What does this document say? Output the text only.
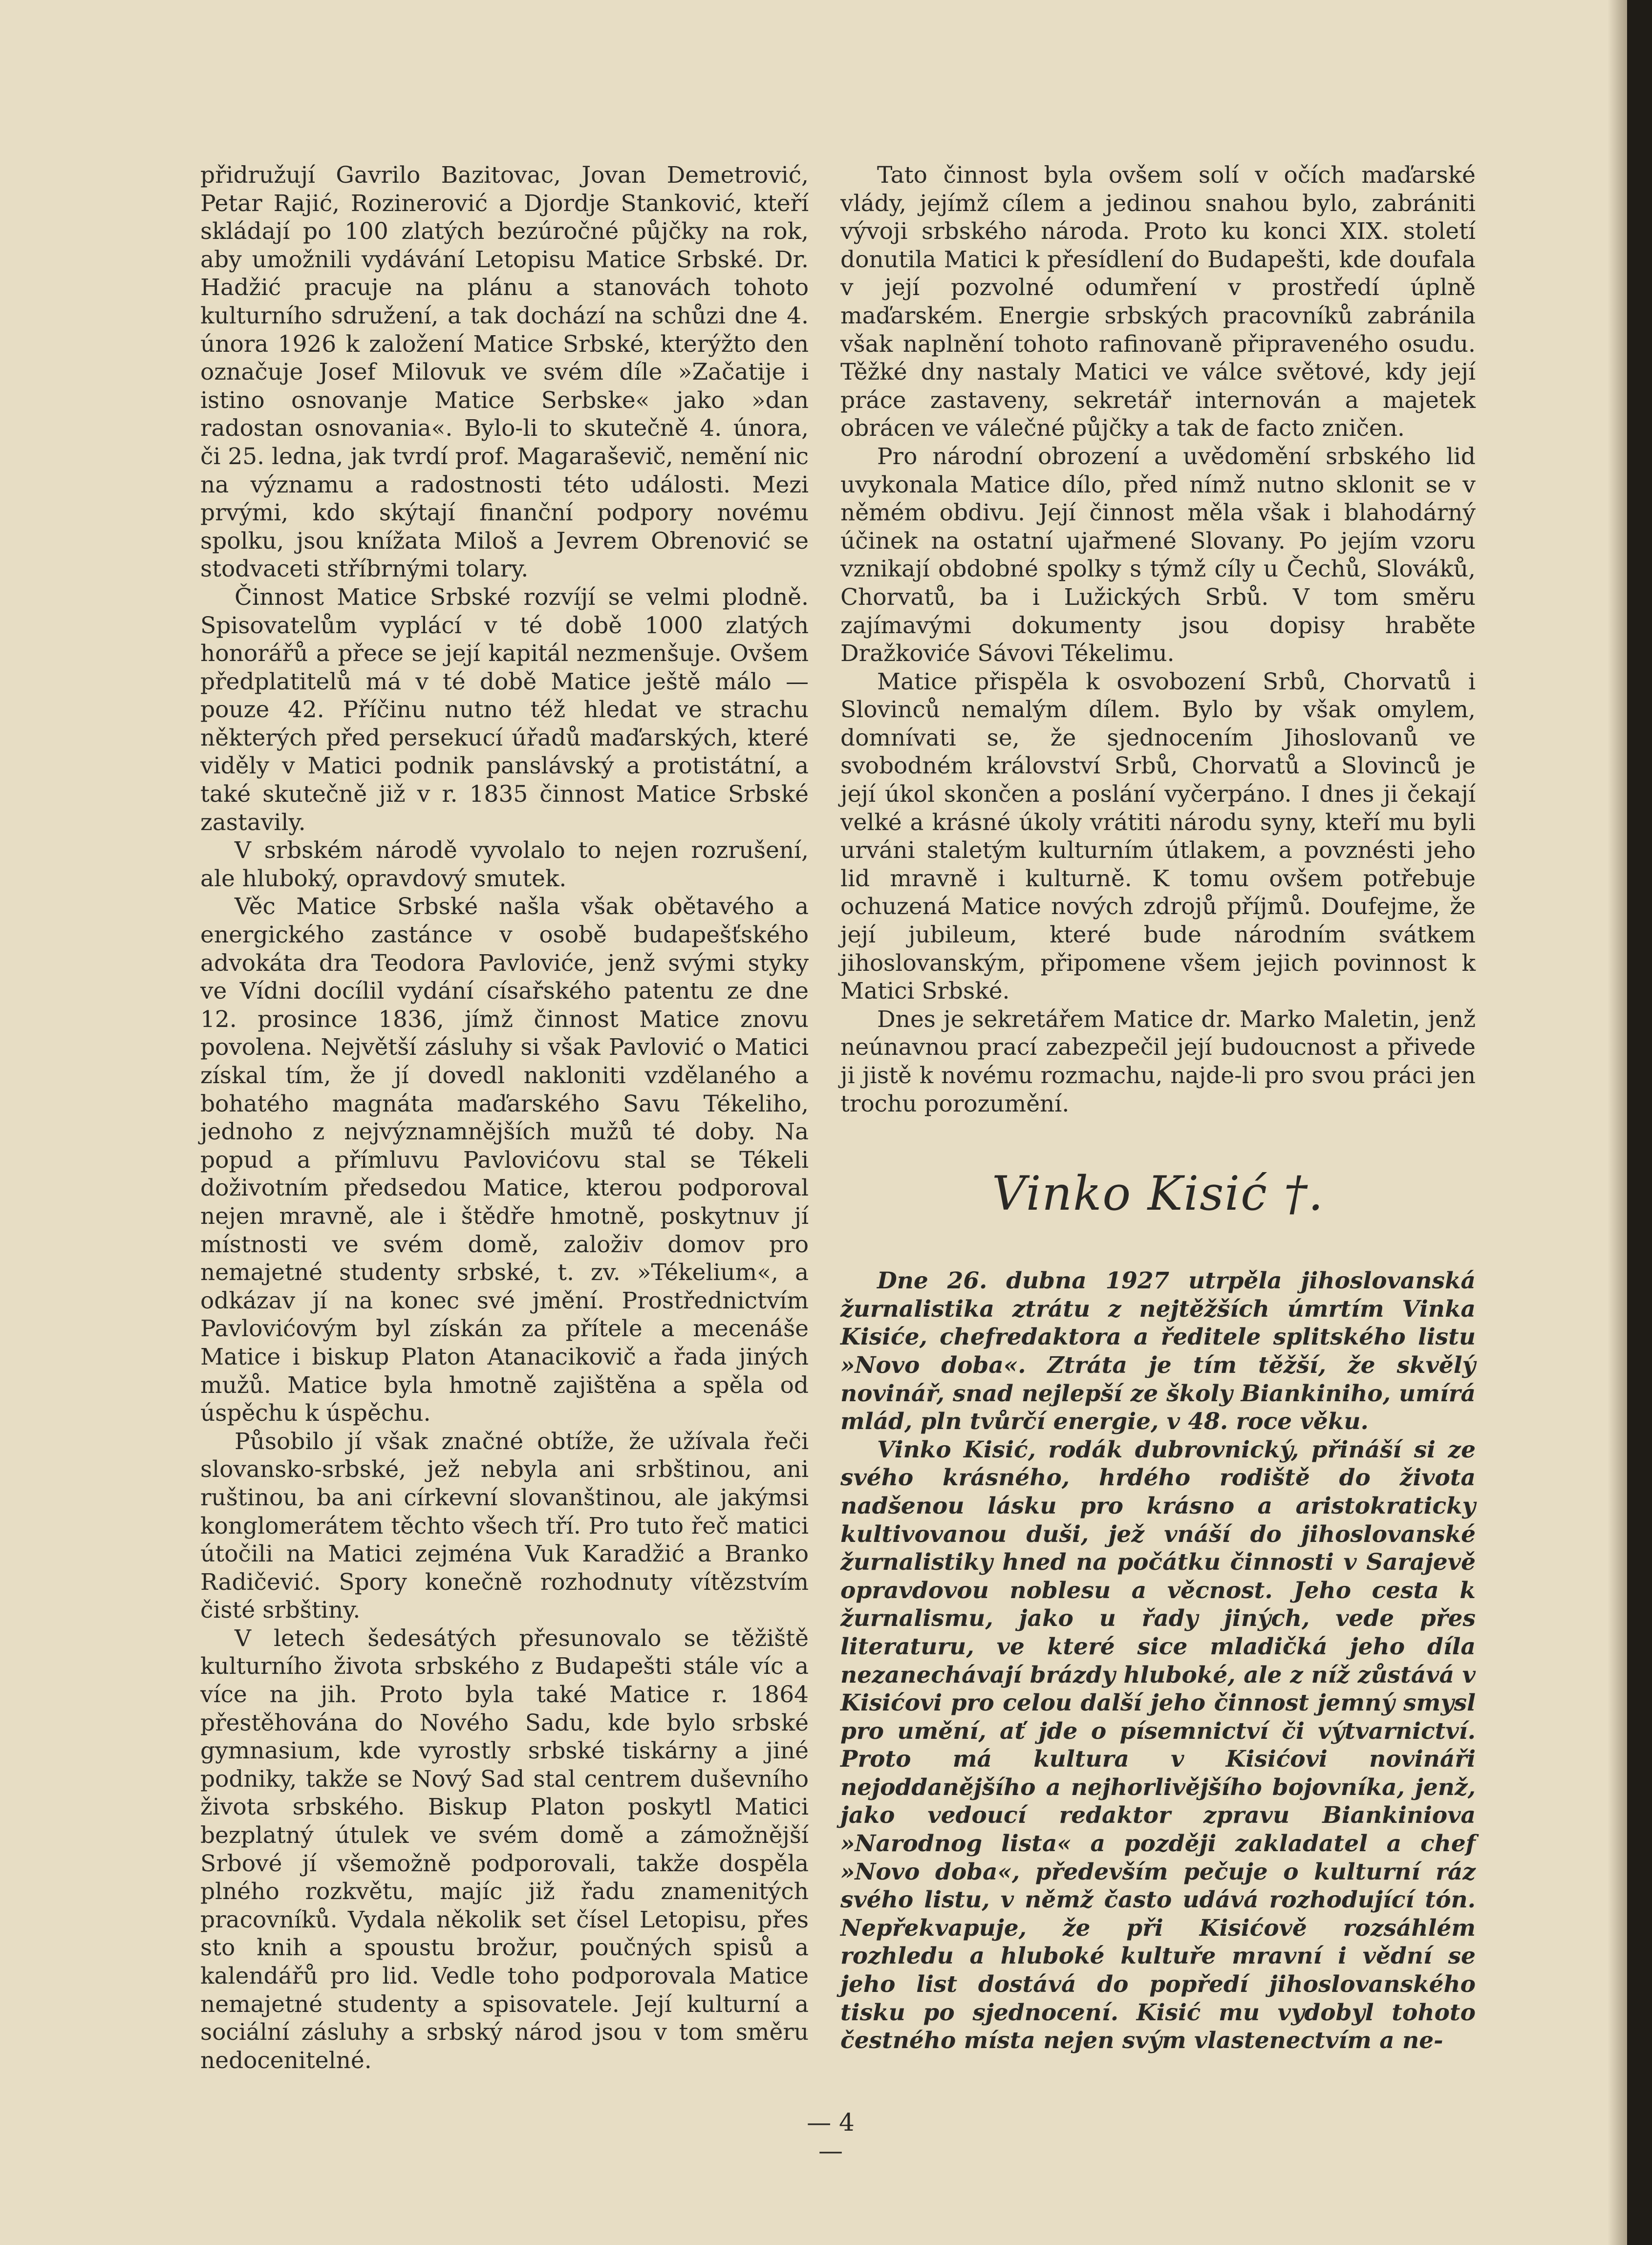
přidružují Gavrilo Bazitovac, Jovan Demetrović, Petar Rajić, Rozinerović a Djordje Stanković, kteří skládají po 100 zlatých bezúročné půjčky na rok, aby umožnili vydávání Letopisu Matice Srbské. Dr. Hadžić pracuje na plánu a stanovách tohoto kulturního sdružení, a tak dochází na schůzi dne 4. února 1926 k založení Matice Srbské, kterýžto den označuje Josef Milovuk ve svém díle »Začatije i istino osnovanje Matice Serbske« jako »dan radostan osnovania«. Bylo-li to skutečně 4. února, či 25. ledna, jak tvrdí prof. Magaraševič, nemění nic na významu a radostnosti této události. Mezi prvými, kdo skýtají finanční podpory novému spolku, jsou knížata Miloš a Jevrem Obrenović se stodvaceti stříbrnými tolary.

Činnost Matice Srbské rozvíjí se velmi plodně. Spisovatelům vyplácí v té době 1000 zlatých honorářů a přece se její kapitál nezmenšuje. Ovšem předplatitelů má v té době Matice ještě málo — pouze 42. Příčinu nutno též hledat ve strachu některých před persekucí úřadů maďarských, které viděly v Matici podnik panslávský a protistátní, a také skutečně již v r. 1835 činnost Matice Srbské zastavily.

V srbském národě vyvolalo to nejen rozrušení, ale hluboký, opravdový smutek.

Věc Matice Srbské našla však obětavého a energického zastánce v osobě budapešťského advokáta dra Teodora Pavloviće, jenž svými styky ve Vídni docílil vydání císařského patentu ze dne 12. prosince 1836, jímž činnost Matice znovu povolena. Největší zásluhy si však Pavlović o Matici získal tím, že jí dovedl nakloniti vzdělaného a bohatého magnáta maďarského Savu Tékeliho, jednoho z nejvýznamnějších mužů té doby. Na popud a přímluvu Pavlovićovu stal se Tékeli doživotním předsedou Matice, kterou podporoval nejen mravně, ale i štědře hmotně, poskytnuv jí místnosti ve svém domě, založiv domov pro nemajetné studenty srbské, t. zv. »Tékelium«, a odkázav jí na konec své jmění. Prostřednictvím Pavlovićovým byl získán za přítele a mecenáše Matice i biskup Platon Atanacikovič a řada jiných mužů. Matice byla hmotně zajištěna a spěla od úspěchu k úspěchu.

Působilo jí však značné obtíže, že užívala řeči slovansko-srbské, jež nebyla ani srbštinou, ani ruštinou, ba ani církevní slovanštinou, ale jakýmsi konglomerátem těchto všech tří. Pro tuto řeč matici útočili na Matici zejména Vuk Karadžić a Branko Radičević. Spory konečně rozhodnuty vítězstvím čisté srbštiny.

V letech šedesátých přesunovalo se těžiště kulturního života srbského z Budapešti stále víc a více na jih. Proto byla také Matice r. 1864 přestěhována do Nového Sadu, kde bylo srbské gymnasium, kde vyrostly srbské tiskárny a jiné podniky, takže se Nový Sad stal centrem duševního života srbského. Biskup Platon poskytl Matici bezplatný útulek ve svém domě a zámožnější Srbové jí všemožně podporovali, takže dospěla plného rozkvětu, majíc již řadu znamenitých pracovníků. Vydala několik set čísel Letopisu, přes sto knih a spoustu brožur, poučných spisů a kalendářů pro lid. Vedle toho podporovala Matice nemajetné studenty a spisovatele. Její kulturní a sociální zásluhy a srbský národ jsou v tom směru nedocenitelné.

Tato činnost byla ovšem solí v očích maďarské vlády, jejímž cílem a jedinou snahou bylo, zabrániti vývoji srbského národa. Proto ku konci XIX. století donutila Matici k přesídlení do Budapešti, kde doufala v její pozvolné odumření v prostředí úplně maďarském. Energie srbských pracovníků zabránila však naplnění tohoto rafinovaně připraveného osudu. Těžké dny nastaly Matici ve válce světové, kdy její práce zastaveny, sekretář internován a majetek obrácen ve válečné půjčky a tak de facto zničen.

Pro národní obrození a uvědomění srbského lid uvykonala Matice dílo, před nímž nutno sklonit se v němém obdivu. Její činnost měla však i blahodárný účinek na ostatní ujařmené Slovany. Po jejím vzoru vznikají obdobné spolky s týmž cíly u Čechů, Slováků, Chorvatů, ba i Lužických Srbů. V tom směru zajímavými dokumenty jsou dopisy hraběte Dražkoviće Sávovi Tékelimu.

Matice přispěla k osvobození Srbů, Chorvatů i Slovinců nemalým dílem. Bylo by však omylem, domnívati se, že sjednocením Jihoslovanů ve svobodném království Srbů, Chorvatů a Slovinců je její úkol skončen a poslání vyčerpáno. I dnes ji čekají velké a krásné úkoly vrátiti národu syny, kteří mu byli urváni staletým kulturním útlakem, a povznésti jeho lid mravně i kulturně. K tomu ovšem potřebuje ochuzená Matice nových zdrojů příjmů. Doufejme, že její jubileum, které bude národním svátkem jihoslovanským, připomene všem jejich povinnost k Matici Srbské.

Dnes je sekretářem Matice dr. Marko Maletin, jenž neúnavnou prací zabezpečil její budoucnost a přivede ji jistě k novému rozmachu, najde-li pro svou práci jen trochu porozumění.

Vinko Kisić †.

Dne 26. dubna 1927 utrpěla jihoslovanská žurnalistika ztrátu z nejtěžších úmrtím Vinka Kisiće, chefredaktora a ředitele splitského listu »Novo doba«. Ztráta je tím těžší, že skvělý novinář, snad nejlepší ze školy Biankiniho, umírá mlád, pln tvůrčí energie, v 48. roce věku.

Vinko Kisić, rodák dubrovnický, přináší si ze svého krásného, hrdého rodiště do života nadšenou lásku pro krásno a aristokraticky kultivovanou duši, jež vnáší do jihoslovanské žurnalistiky hned na počátku činnosti v Sarajevě opravdovou noblesu a věcnost. Jeho cesta k žurnalismu, jako u řady jiných, vede přes literaturu, ve které sice mladičká jeho díla nezanechávají brázdy hluboké, ale z níž zůstává v Kisićovi pro celou další jeho činnost jemný smysl pro umění, ať jde o písemnictví či výtvarnictví. Proto má kultura v Kisićovi novináři nejoddanějšího a nejhorlivějšího bojovníka, jenž, jako vedoucí redaktor zpravu Biankiniova »Narodnog lista« a později zakladatel a chef »Novo doba«, především pečuje o kulturní ráz svého listu, v němž často udává rozhodující tón. Nepřekvapuje, že při Kisićově rozsáhlém rozhledu a hluboké kultuře mravní i vědní se jeho list dostává do popředí jihoslovanského tisku po sjednocení. Kisić mu vydobyl tohoto čestného místa nejen svým vlastenectvím a ne-

— 4 —
